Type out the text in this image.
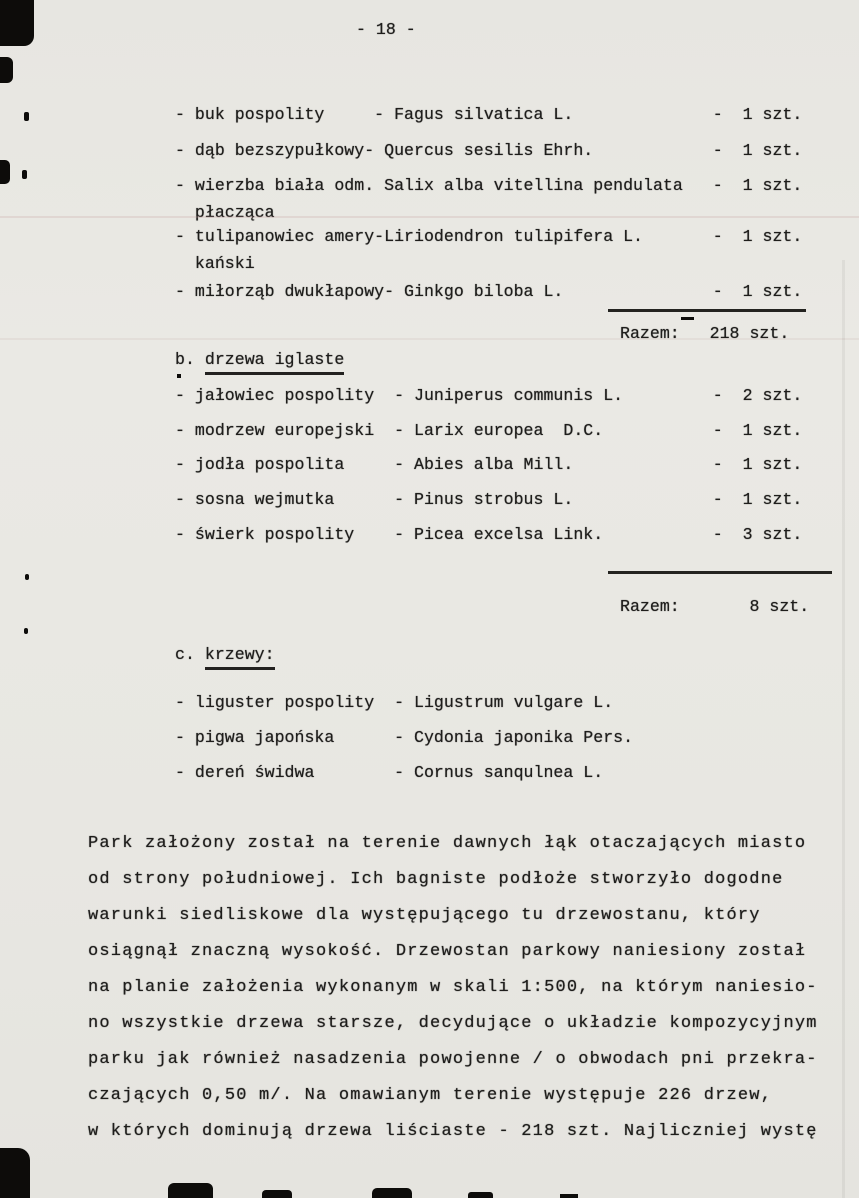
- 18 -
- buk pospolity     - Fagus silvatica L.              -  1 szt.
- dąb bezszypułkowy- Quercus sesilis Ehrh.            -  1 szt.
- wierzba biała odm. Salix alba vitellina pendulata   -  1 szt.
płacząca
- tulipanowiec amery-Liriodendron tulipifera L.       -  1 szt.
kański
- miłorząb dwukłapowy- Ginkgo biloba L.               -  1 szt.
Razem:   218 szt.
b. drzewa iglaste
- jałowiec pospolity  - Juniperus communis L.         -  2 szt.
- modrzew europejski  - Larix europea  D.C.           -  1 szt.
- jodła pospolita     - Abies alba Mill.              -  1 szt.
- sosna wejmutka      - Pinus strobus L.              -  1 szt.
- świerk pospolity    - Picea excelsa Link.           -  3 szt.
Razem:       8 szt.
c. krzewy:
- liguster pospolity  - Ligustrum vulgare L.
- pigwa japońska      - Cydonia japonika Pers.
- dereń świdwa        - Cornus sanqulnea L.
Park założony został na terenie dawnych łąk otaczających miasto
od strony południowej. Ich bagniste podłoże stworzyło dogodne
warunki siedliskowe dla występującego tu drzewostanu, który
osiągnął znaczną wysokość. Drzewostan parkowy naniesiony został
na planie założenia wykonanym w skali 1:500, na którym naniesio-
no wszystkie drzewa starsze, decydujące o układzie kompozycyjnym
parku jak również nasadzenia powojenne / o obwodach pni przekra-
czających 0,50 m/. Na omawianym terenie występuje 226 drzew,
w których dominują drzewa liściaste - 218 szt. Najliczniej wystę
